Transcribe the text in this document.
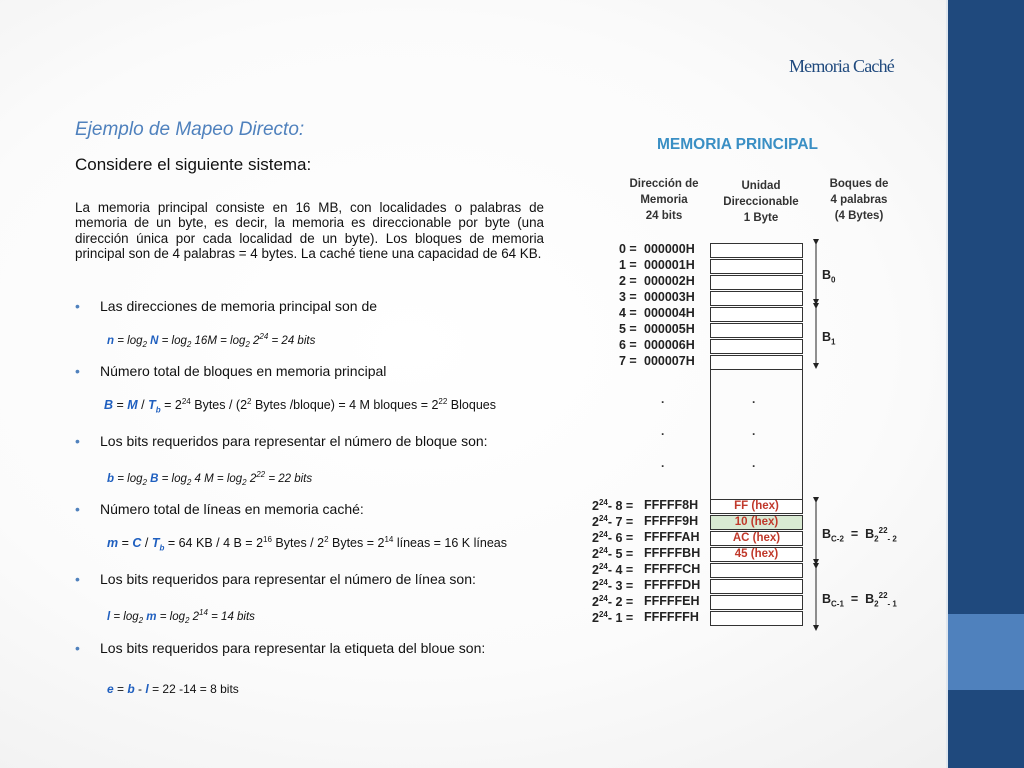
Memoria Caché
Ejemplo de Mapeo Directo:
Considere el siguiente sistema:
La memoria principal consiste en 16 MB, con localidades o palabras de memoria de un byte, es decir, la memoria es direccionable por byte (una dirección única por cada localidad de un byte). Los bloques de memoria principal son de 4 palabras = 4 bytes. La caché tiene una capacidad de 64 KB.
• Las direcciones de memoria principal son de
• Número total de bloques en memoria principal
• Los bits requeridos para representar el número de bloque son:
• Número total de líneas en memoria caché:
• Los bits requeridos para representar el número de línea son:
• Los bits requeridos para representar la etiqueta del bloue son:
$n = \log_2 N = \log_2 16M = \log_2 2^{24} = 24$ bits
$B = M / T_b = 2^{24}$ Bytes / ($2^2$ Bytes /bloque) = 4 M bloques = $2^{22}$ Bloques
$b = \log_2 B = \log_2 4$ $M = \log_2 2^{22} = 22$ bits
$m = C / T_b = 64$ KB / 4 $B = 2^{16}$ Bytes / $2^2$ Bytes = $2^{14}$ líneas = 16 K líneas
$l = \log_2 m = \log_2 2^{14} = 14$ bits
e = b - l = 22 -14 = 8 bits
MEMORIA PRINCIPAL
Dirección de
Memoria
24 bits
Unidad
Direccionable
1 Byte
Boques de
4 palabras
(4 Bytes)
0 = 000000H
1 = 000001H
2 = 000002H
3 = 000003H
4 = 000004H
5 = 000005H
6 = 000006H
7 = 000007H
$2^{24}-$ 8 = FFFFF8H	FF (hex)
$2^{24}-$ 7 = FFFFF9H	10 (hex)
$2^{24}-$ 6 = FFFFFAH	AC (hex)
$2^{24}-$ 5 = FFFFFBH	45 (hex)
$2^{24}-$ 4 = FFFFFCH
$2^{24}-$ 3 = FFFFFDH
$2^{24}-$ 2 = FFFFFEH
$2^{24}-$ 1 = FFFFFFH
.
.
.
.
.
.
$B_0$
$B_1$
$B_{C-2} = B_2^{22}_{- 2}$
$B_{C-1} = B_2^{22}_{- 1}$
